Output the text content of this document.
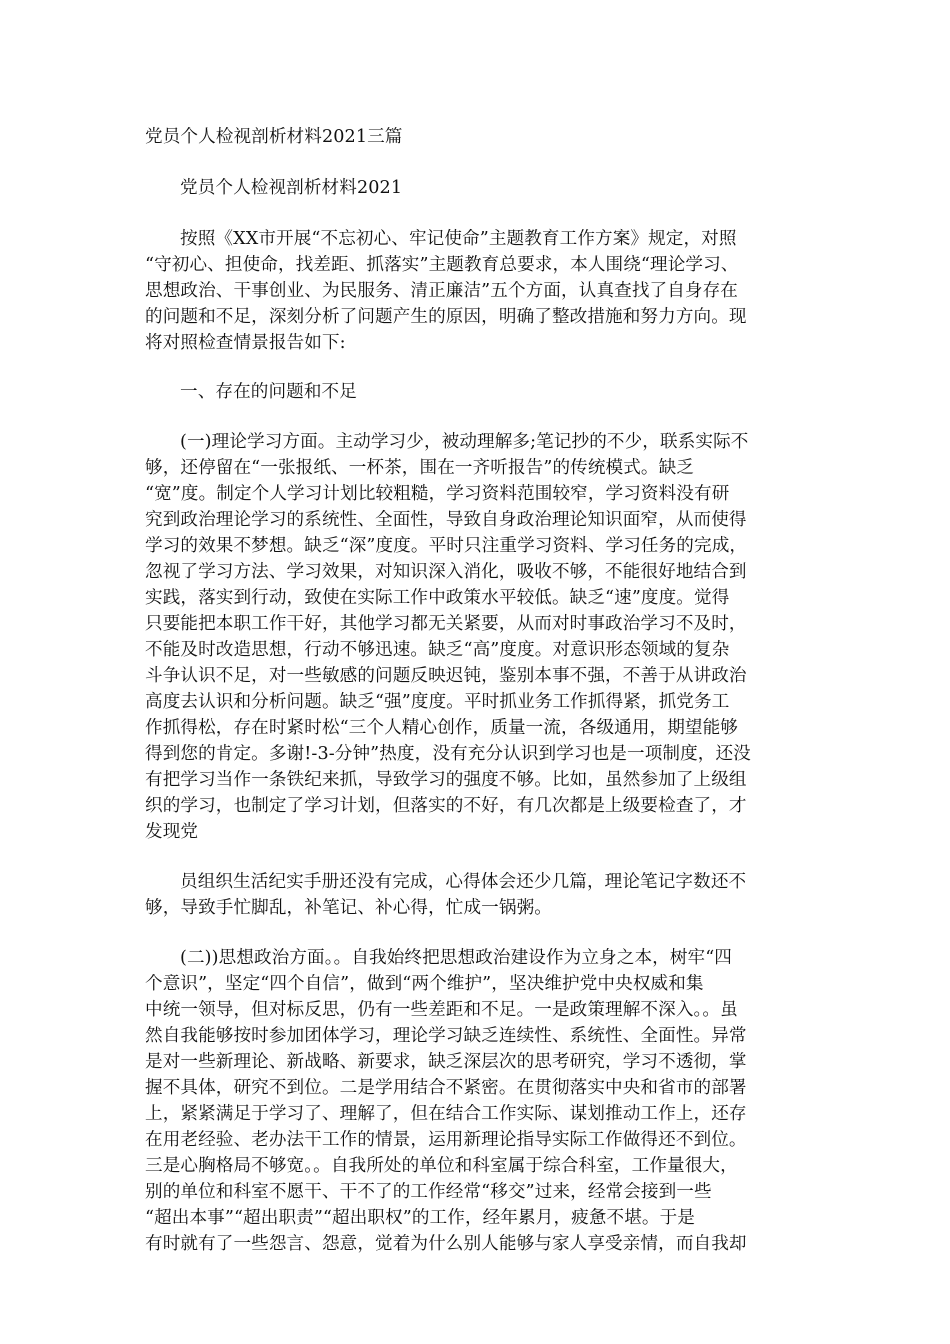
党员个人检视剖析材料2021三篇
党员个人检视剖析材料2021
按照《XX市开展“不忘初心、牢记使命”主题教育工作方案》规定，对照
“守初心、担使命，找差距、抓落实”主题教育总要求，本人围绕“理论学习、
思想政治、干事创业、为民服务、清正廉洁”五个方面，认真查找了自身存在
的问题和不足，深刻分析了问题产生的原因，明确了整改措施和努力方向。现
将对照检查情景报告如下:
一、存在的问题和不足
(一)理论学习方面。主动学习少，被动理解多;笔记抄的不少，联系实际不
够，还停留在“一张报纸、一杯茶，围在一齐听报告”的传统模式。缺乏
“宽”度。制定个人学习计划比较粗糙，学习资料范围较窄，学习资料没有研
究到政治理论学习的系统性、全面性，导致自身政治理论知识面窄，从而使得
学习的效果不梦想。缺乏“深”度度。平时只注重学习资料、学习任务的完成，
忽视了学习方法、学习效果，对知识深入消化，吸收不够，不能很好地结合到
实践，落实到行动，致使在实际工作中政策水平较低。缺乏“速”度度。觉得
只要能把本职工作干好，其他学习都无关紧要，从而对时事政治学习不及时，
不能及时改造思想，行动不够迅速。缺乏“高”度度。对意识形态领域的复杂
斗争认识不足，对一些敏感的问题反映迟钝，鉴别本事不强，不善于从讲政治
高度去认识和分析问题。缺乏“强”度度。平时抓业务工作抓得紧，抓党务工
作抓得松，存在时紧时松“三个人精心创作，质量一流，各级通用，期望能够
得到您的肯定。多谢!-3-分钟”热度，没有充分认识到学习也是一项制度，还没
有把学习当作一条铁纪来抓，导致学习的强度不够。比如，虽然参加了上级组
织的学习，也制定了学习计划，但落实的不好，有几次都是上级要检查了，才
发现党
员组织生活纪实手册还没有完成，心得体会还少几篇，理论笔记字数还不
够，导致手忙脚乱，补笔记、补心得，忙成一锅粥。
(二))思想政治方面。。自我始终把思想政治建设作为立身之本，树牢“四
个意识”，坚定“四个自信”，做到“两个维护”，坚决维护党中央权威和集
中统一领导，但对标反思，仍有一些差距和不足。一是政策理解不深入。。虽
然自我能够按时参加团体学习，理论学习缺乏连续性、系统性、全面性。异常
是对一些新理论、新战略、新要求，缺乏深层次的思考研究，学习不透彻，掌
握不具体，研究不到位。二是学用结合不紧密。在贯彻落实中央和省市的部署
上，紧紧满足于学习了、理解了，但在结合工作实际、谋划推动工作上，还存
在用老经验、老办法干工作的情景，运用新理论指导实际工作做得还不到位。
三是心胸格局不够宽。。自我所处的单位和科室属于综合科室，工作量很大，
别的单位和科室不愿干、干不了的工作经常“移交”过来，经常会接到一些
“超出本事”“超出职责”“超出职权”的工作，经年累月，疲惫不堪。于是
有时就有了一些怨言、怨意，觉着为什么别人能够与家人享受亲情，而自我却
